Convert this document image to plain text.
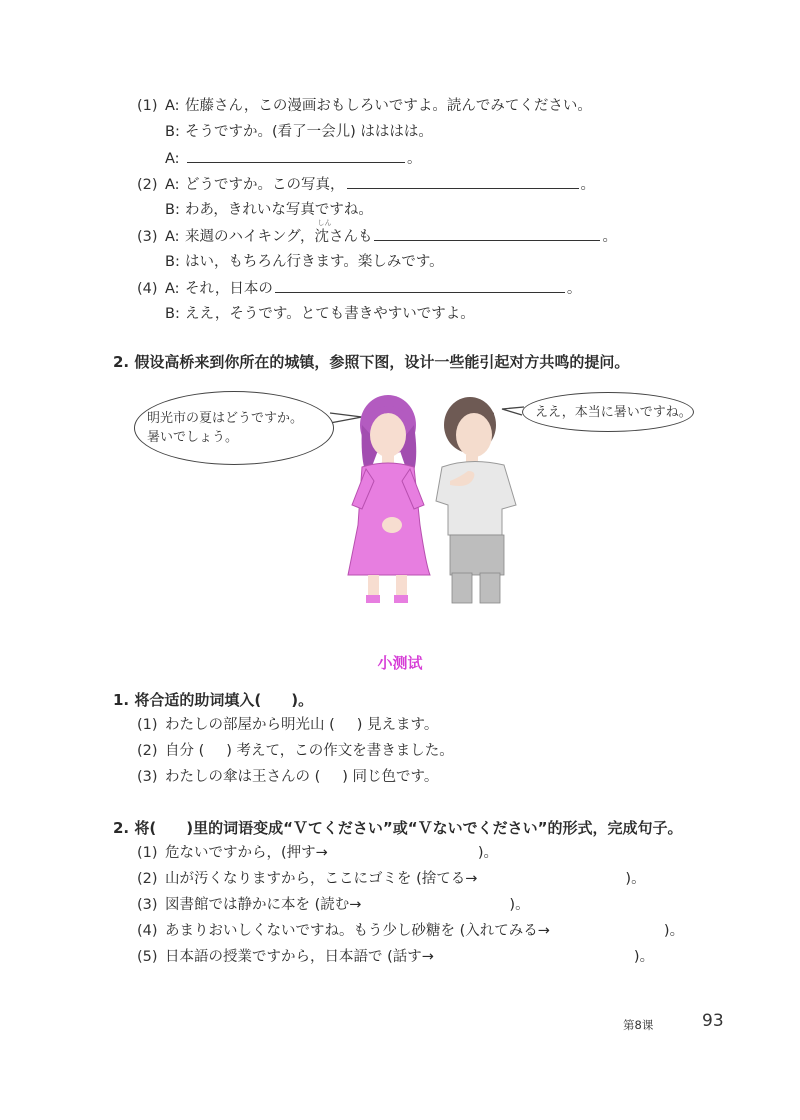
(1) A: 佐藤さん，この漫画おもしろいですよ。読んでみてください。
B: そうですか。(看了一会儿) はははは。
A:	。
(2) A: どうですか。この写真，	。
B: わあ，きれいな写真ですね。
(3) A: 来週のハイキング， 沈
しん
さんも	。
B: はい，もちろん行きます。楽しみです。
(4) A: それ，日本の	。
B: ええ，そうです。とても書きやすいですよ。
2. 假设高桥来到你所在的城镇，参照下图，设计一些能引起对方共鸣的提问。
明光市の夏はどうですか。
暑いでしょう。
ええ，本当に暑いですね。
小测试
1. 将合适的助词填入(　　)。
(1) わたしの部屋から明光山 ( ) 見えます。
(2) 自分 ( ) 考えて，この作文を書きました。
(3) わたしの傘は王さんの ( ) 同じ色です。
2. 将(　　)里的词语变成“Ｖてください”或“Ｖないでください”的形式，完成句子。
(1) 危ないですから，(押す→	)。
(2) 山が汚くなりますから，ここにゴミを (捨てる→	)。
(3) 図書館では静かに本を (読む→	)。
(4) あまりおいしくないですね。もう少し砂糖を (入れてみる→	)。
(5) 日本語の授業ですから，日本語で (話す→	)。
第8课	93
